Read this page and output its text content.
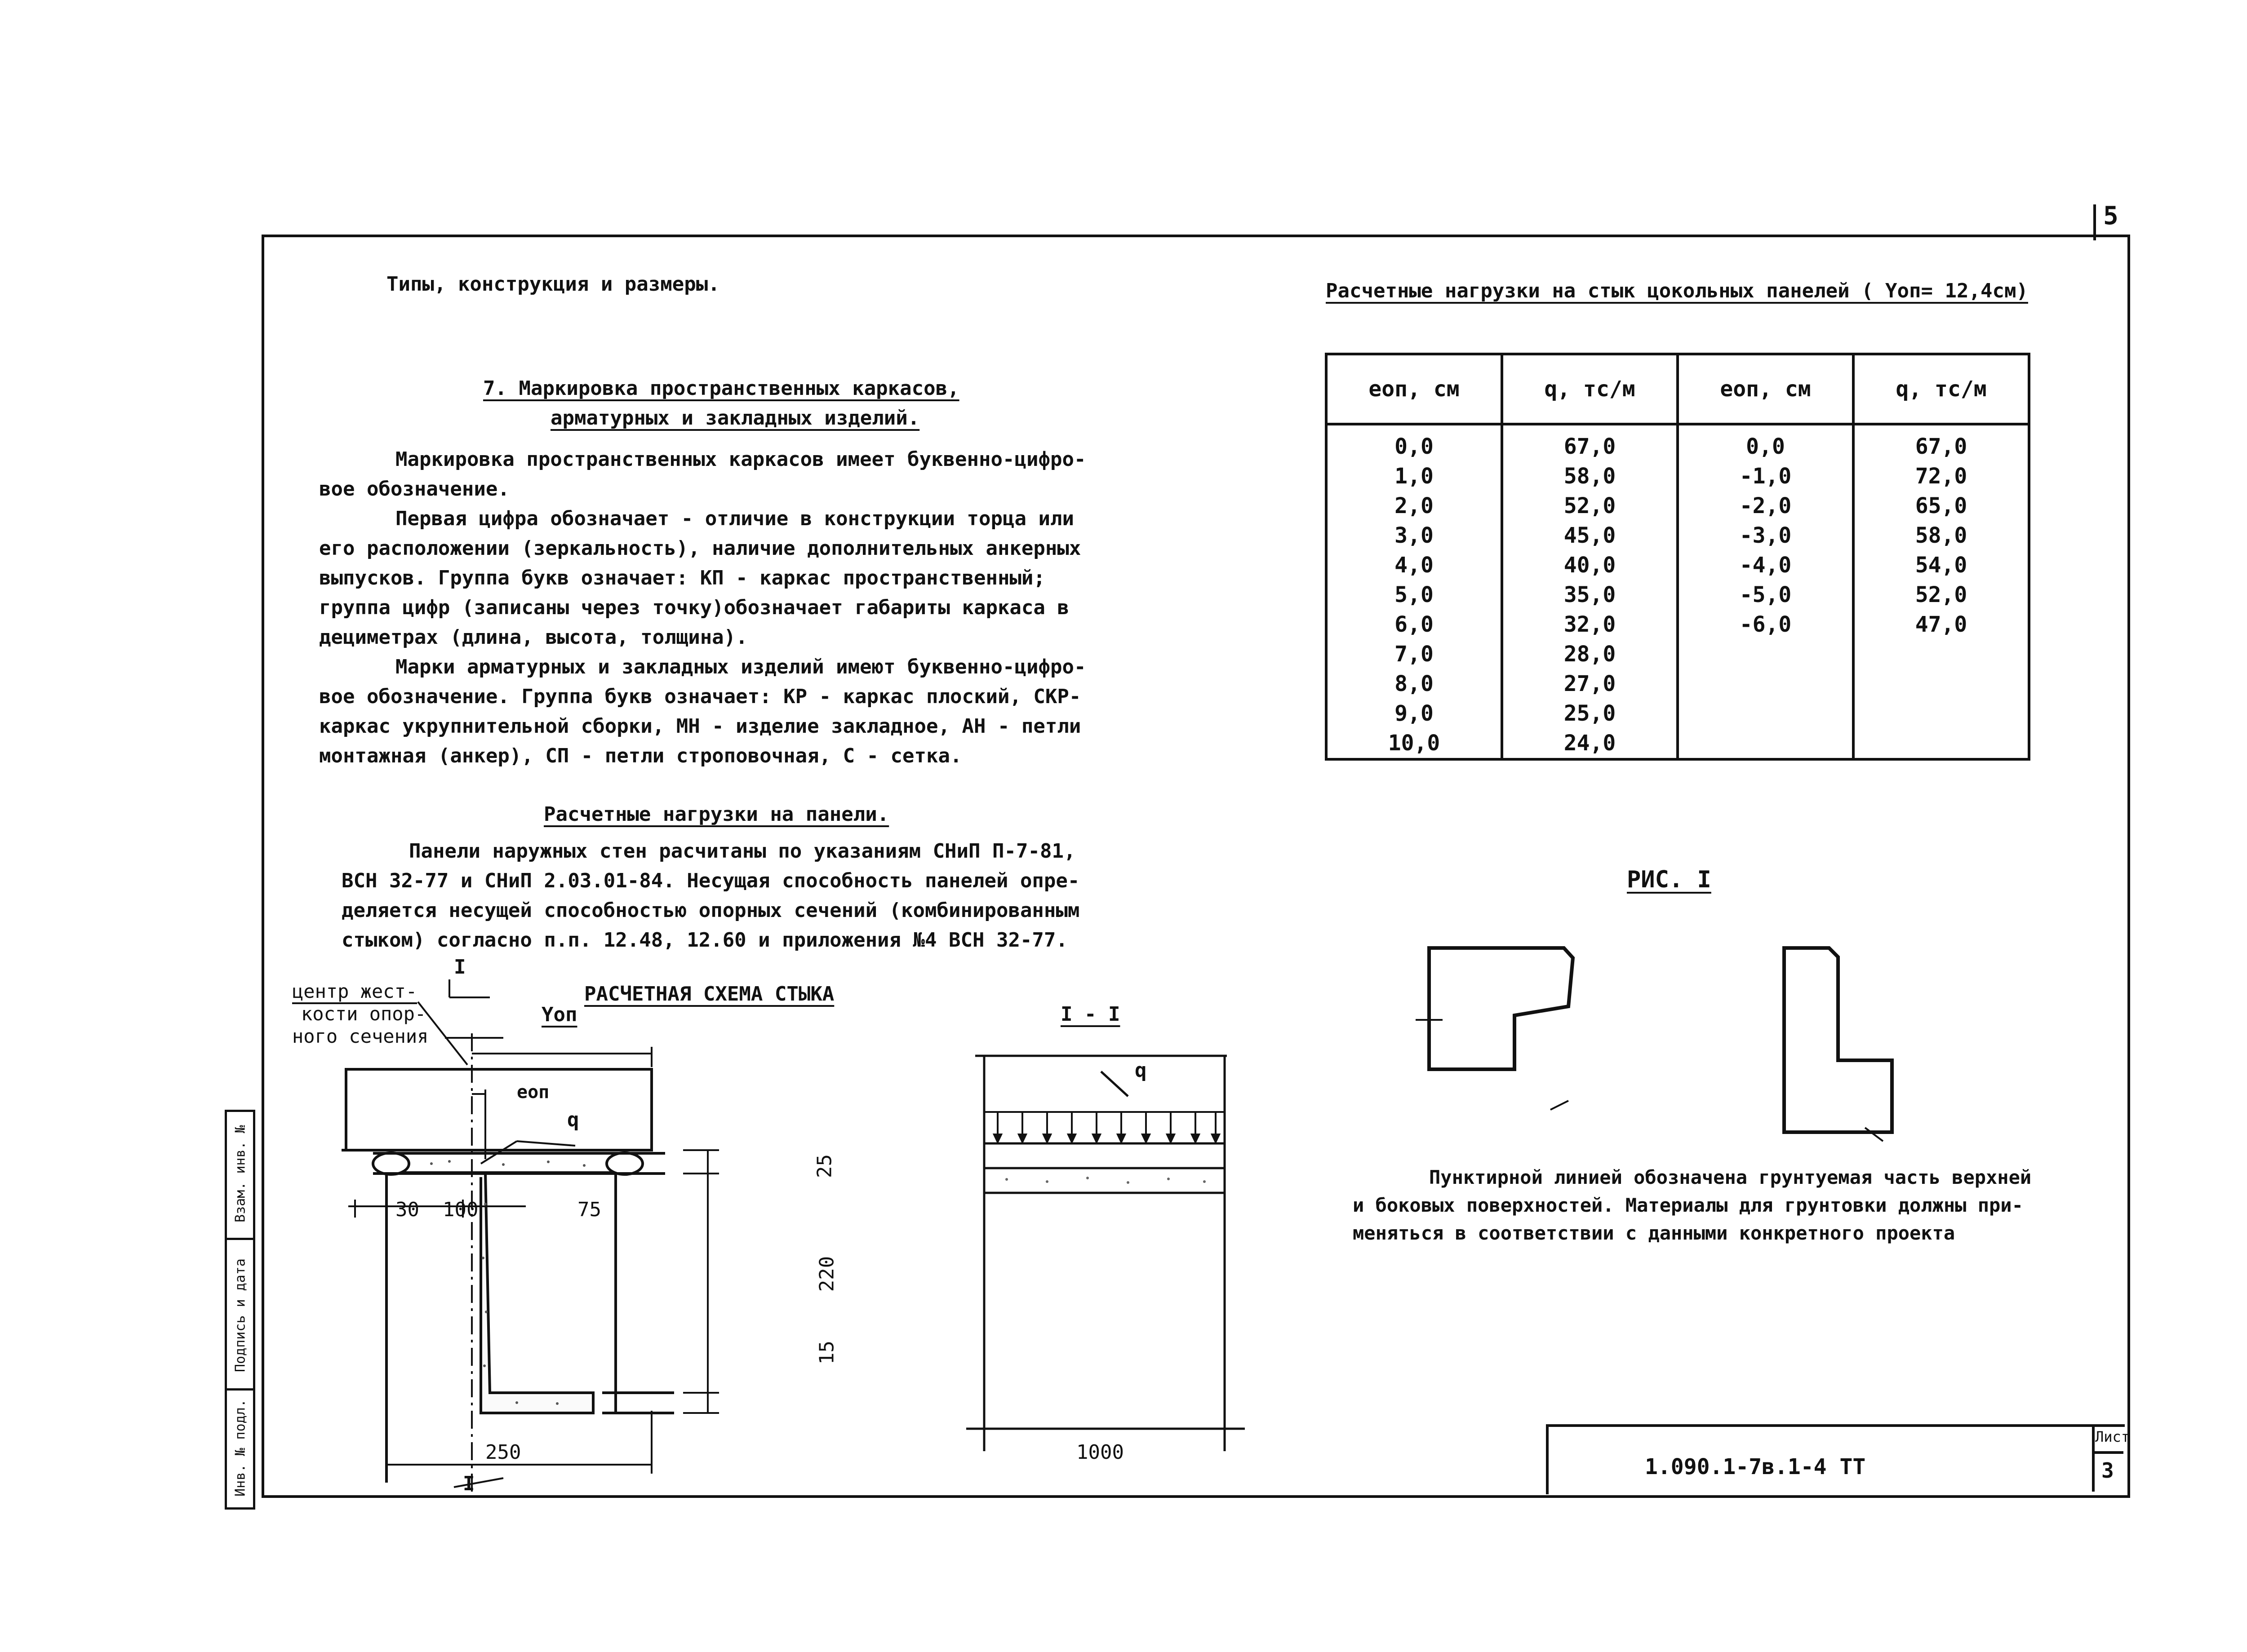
5
Типы, конструкция и размеры.
7. Маркировка пространственных каркасов,
арматурных и закладных изделий.
Маркировка пространственных каркасов имеет буквенно-цифро-
вое обозначение.
Первая цифра обозначает - отличие в конструкции торца или
его расположении (зеркальность), наличие дополнительных анкерных
выпусков. Группа букв означает: КП - каркас пространственный;
группа цифр (записаны через точку)обозначает габариты каркаса в
дециметрах (длина, высота, толщина).
Марки арматурных и закладных изделий имеют буквенно-цифро-
вое обозначение. Группа букв означает: КР - каркас плоский, СКР-
каркас укрупнительной сборки, МН - изделие закладное, АН - петли
монтажная (анкер), СП - петли строповочная, С - сетка.
Расчетные нагрузки на панели.
Панели наружных стен расчитаны по указаниям СНиП П-7-81,
ВСН 32-77 и СНиП 2.03.01-84. Несущая способность панелей опре-
деляется несущей способностью опорных сечений (комбинированным
стыком) согласно п.п. 12.48, 12.60 и приложения №4 ВСН 32-77.
Расчетные нагрузки на стык цокольных панелей ( Yоп= 12,4см)
eоп, см	q, тс/м	eоп, см	q, тс/м
0,0	67,0	0,0	67,0
1,0	58,0	-1,0	72,0
2,0	52,0	-2,0	65,0
3,0	45,0	-3,0	58,0
4,0	40,0	-4,0	54,0
5,0	35,0	-5,0	52,0
6,0	32,0	-6,0	47,0
7,0	28,0		
8,0	27,0		
9,0	25,0		
10,0	24,0		
РИС. I
Пунктирной линией обозначена грунтуемая часть верхней
и боковых поверхностей. Материалы для грунтовки должны при-
меняться в соответствии с данными конкретного проекта
РАСЧЕТНАЯ СХЕМА СТЫКА
центр жест-
кости опор-
ного сечения
I
I
Yоп
eоп
q
30 100	75
25
220
15
250
I - I
q
1000
1.090.1-7в.1-4 ТТ
Лист
3
Инв. № подл.
Подпись и дата
Взам. инв. №
